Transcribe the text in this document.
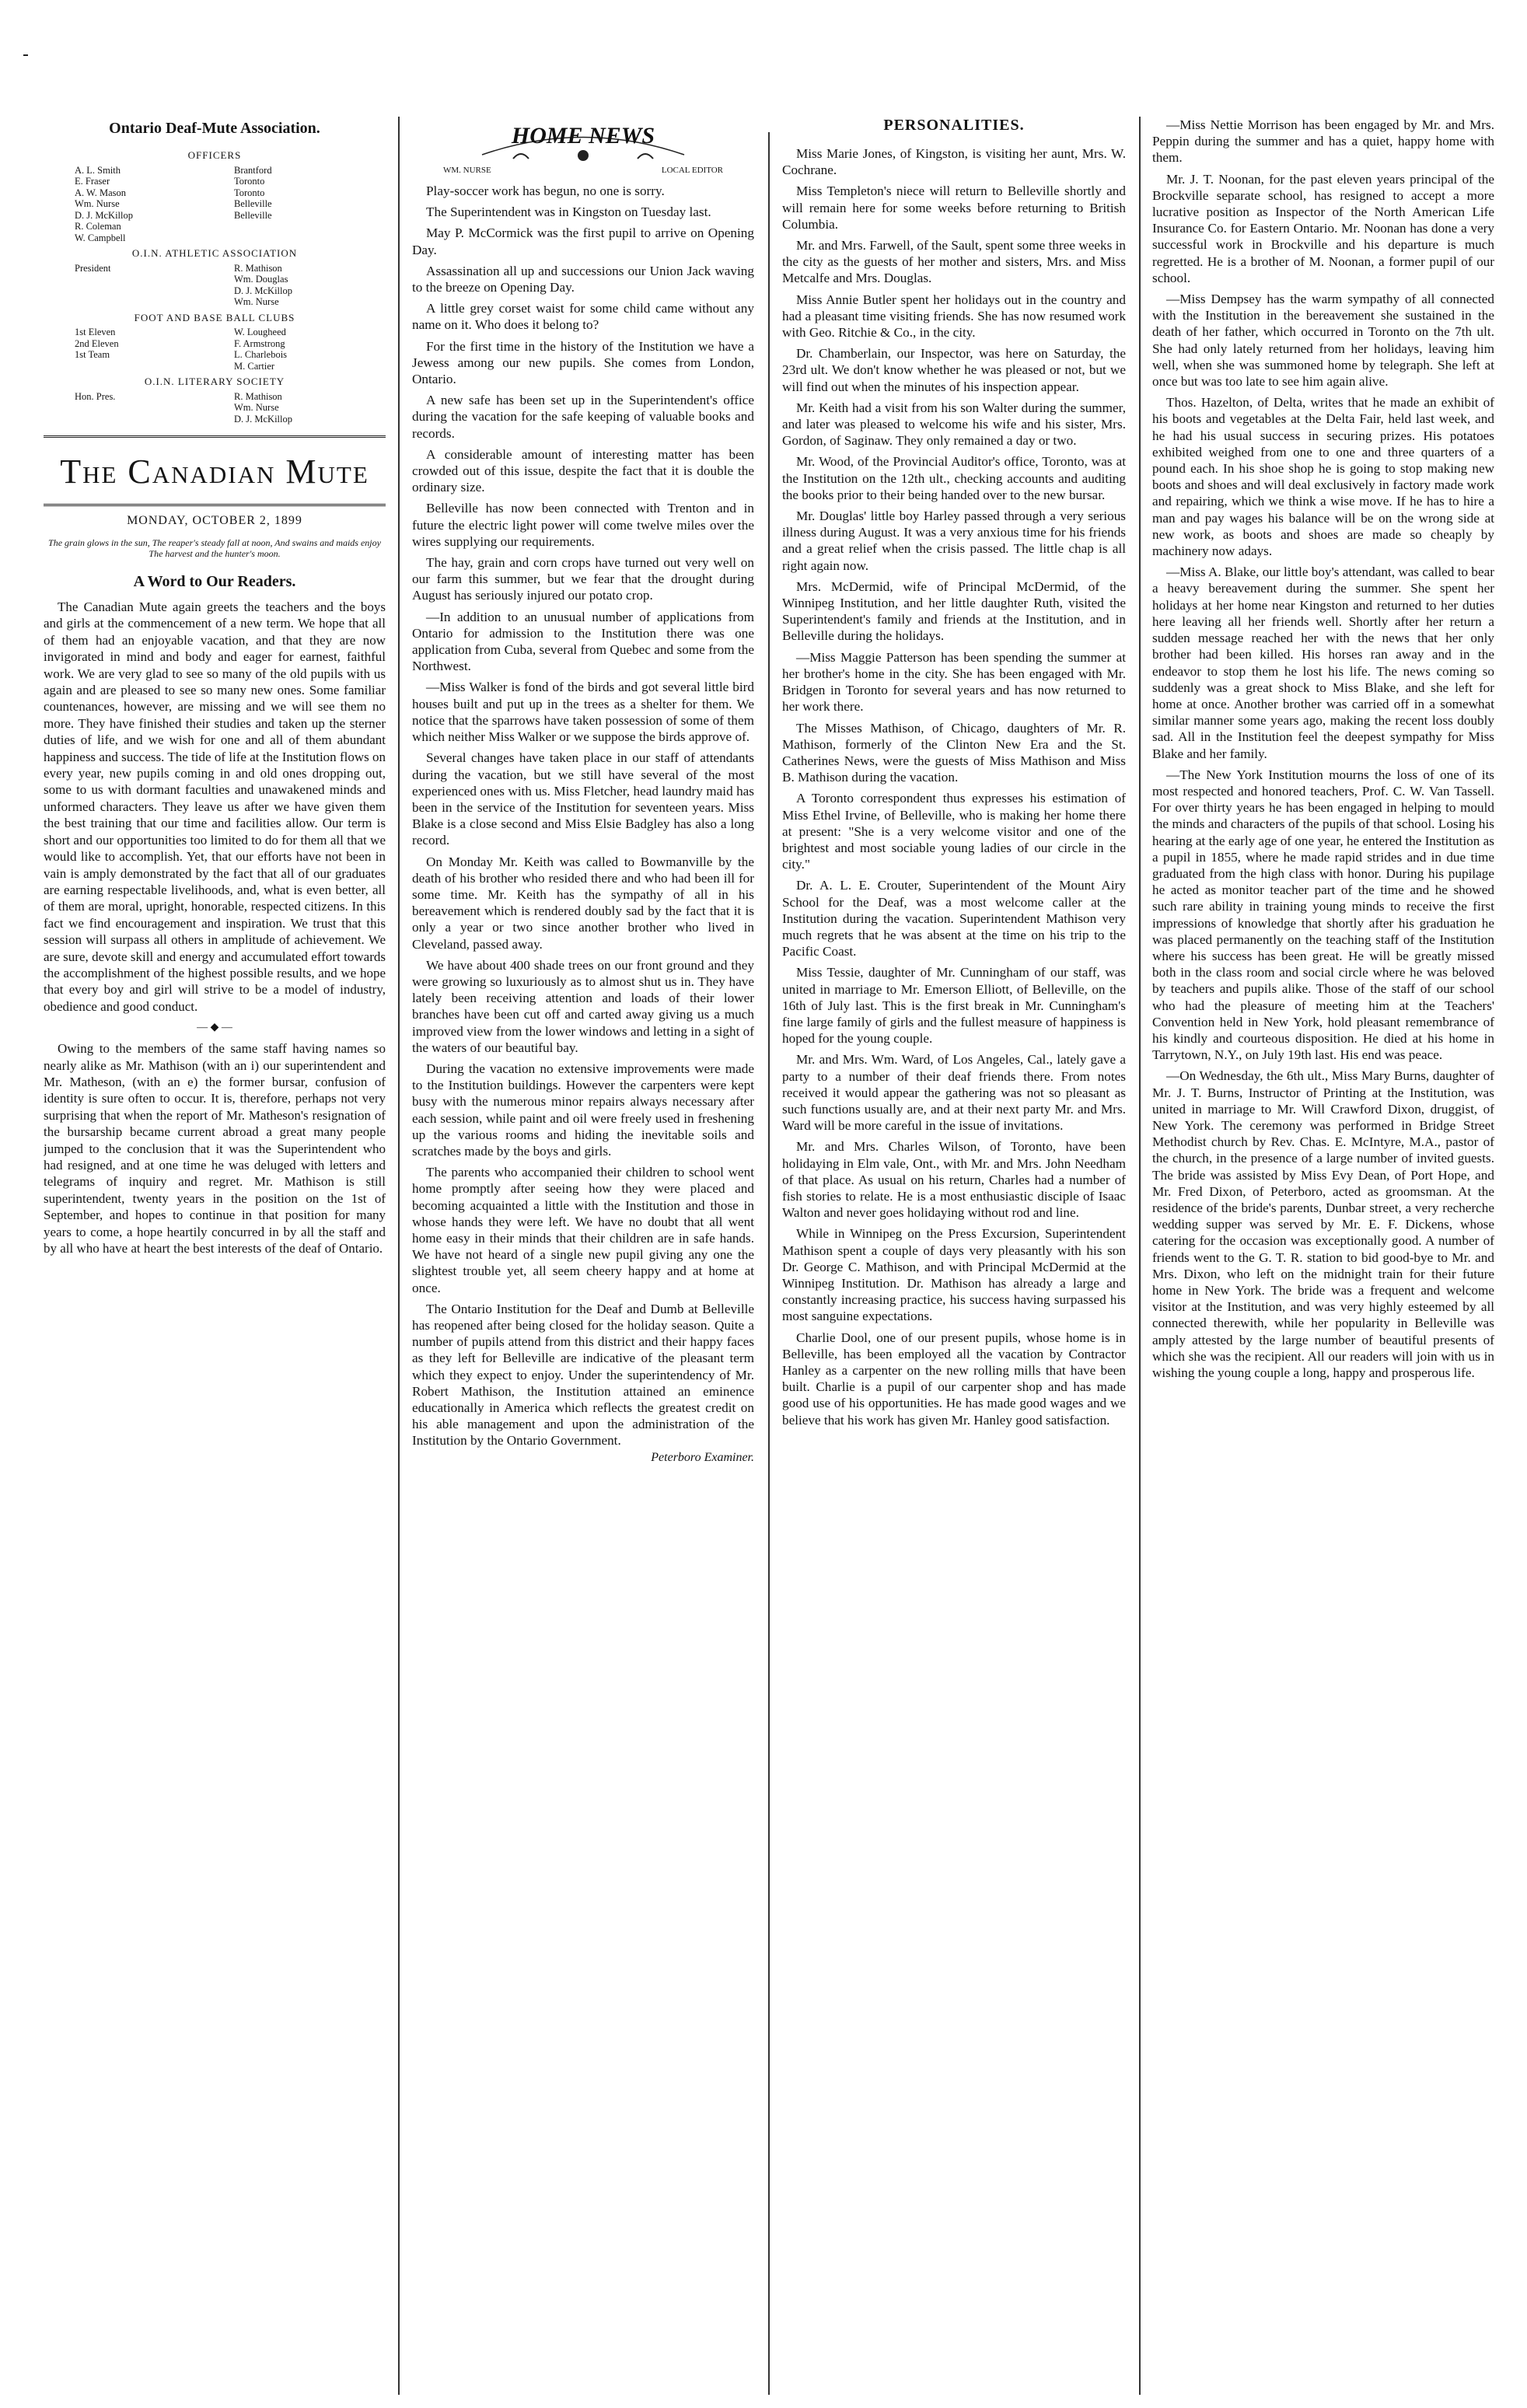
Ontario Deaf-Mute Association.
OFFICERS
A. L. Smith	Brantford
E. Fraser	Toronto
A. W. Mason	Toronto
Wm. Nurse	Belleville
D. J. McKillop	Belleville
R. Coleman
W. Campbell
O.I.N. ATHLETIC ASSOCIATION
President	R. Mathison
Wm. Douglas
D. J. McKillop
Wm. Nurse
FOOT AND BASE BALL CLUBS
1st Eleven	W. Lougheed
2nd Eleven	F. Armstrong
1st Team	L. Charlebois
M. Cartier
O.I.N. LITERARY SOCIETY
Hon. Pres.	R. Mathison
Wm. Nurse
D. J. McKillop
The Canadian Mute
MONDAY, OCTOBER 2, 1899
The grain glows in the sun, The reaper's steady fall at noon, And swains and maids enjoy The harvest and the hunter's moon.
A Word to Our Readers.

The Canadian Mute again greets the teachers and the boys and girls at the commencement of a new term. We hope that all of them had an enjoyable vacation, and that they are now invigorated in mind and body and eager for earnest, faithful work. We are very glad to see so many of the old pupils with us again and are pleased to see so many new ones. Some familiar countenances, however, are missing and we will see them no more. They have finished their studies and taken up the sterner duties of life, and we wish for one and all of them abundant happiness and success. The tide of life at the Institution flows on every year, new pupils coming in and old ones dropping out, some to us with dormant faculties and unawakened minds and unformed characters. They leave us after we have given them the best training that our time and facilities allow. Our term is short and our opportunities too limited to do for them all that we would like to accomplish. Yet, that our efforts have not been in vain is amply demonstrated by the fact that all of our graduates are earning respectable livelihoods, and, what is even better, all of them are moral, upright, honorable, respected citizens. In this fact we find encouragement and inspiration. We trust that this session will surpass all others in amplitude of achievement. We are sure, devote skill and energy and accumulated effort towards the accomplishment of the highest possible results, and we hope that every boy and girl will strive to be a model of industry, obedience and good conduct.

— ◆ —

Owing to the members of the same staff having names so nearly alike as Mr. Mathison (with an i) our superintendent and Mr. Matheson, (with an e) the former bursar, confusion of identity is sure often to occur. It is, therefore, perhaps not very surprising that when the report of Mr. Matheson's resignation of the bursarship became current abroad a great many people jumped to the conclusion that it was the Superintendent who had resigned, and at one time he was deluged with letters and telegrams of inquiry and regret. Mr. Mathison is still superintendent, twenty years in the position on the 1st of September, and hopes to continue in that position for many years to come, a hope heartily concurred in by all the staff and by all who have at heart the best interests of the deaf of Ontario.

HOME NEWS
WM. NURSE	LOCAL EDITOR

Play-soccer work has begun, no one is sorry.

The Superintendent was in Kingston on Tuesday last.

May P. McCormick was the first pupil to arrive on Opening Day.

Assassination all up and successions our Union Jack waving to the breeze on Opening Day.

A little grey corset waist for some child came without any name on it. Who does it belong to?

For the first time in the history of the Institution we have a Jewess among our new pupils. She comes from London, Ontario.

A new safe has been set up in the Superintendent's office during the vacation for the safe keeping of valuable books and records.

A considerable amount of interesting matter has been crowded out of this issue, despite the fact that it is double the ordinary size.

Belleville has now been connected with Trenton and in future the electric light power will come twelve miles over the wires supplying our requirements.

The hay, grain and corn crops have turned out very well on our farm this summer, but we fear that the drought during August has seriously injured our potato crop.

—In addition to an unusual number of applications from Ontario for admission to the Institution there was one application from Cuba, several from Quebec and some from the Northwest.

—Miss Walker is fond of the birds and got several little bird houses built and put up in the trees as a shelter for them. We notice that the sparrows have taken possession of some of them which neither Miss Walker or we suppose the birds approve of.

Several changes have taken place in our staff of attendants during the vacation, but we still have several of the most experienced ones with us. Miss Fletcher, head laundry maid has been in the service of the Institution for seventeen years. Miss Blake is a close second and Miss Elsie Badgley has also a long record.

On Monday Mr. Keith was called to Bowmanville by the death of his brother who resided there and who had been ill for some time. Mr. Keith has the sympathy of all in his bereavement which is rendered doubly sad by the fact that it is only a year or two since another brother who lived in Cleveland, passed away.

We have about 400 shade trees on our front ground and they were growing so luxuriously as to almost shut us in. They have lately been receiving attention and loads of their lower branches have been cut off and carted away giving us a much improved view from the lower windows and letting in a sight of the waters of our beautiful bay.

During the vacation no extensive improvements were made to the Institution buildings. However the carpenters were kept busy with the numerous minor repairs always necessary after each session, while paint and oil were freely used in freshening up the various rooms and hiding the inevitable soils and scratches made by the boys and girls.

The parents who accompanied their children to school went home promptly after seeing how they were placed and becoming acquainted a little with the Institution and those in whose hands they were left. We have no doubt that all went home easy in their minds that their children are in safe hands. We have not heard of a single new pupil giving any one the slightest trouble yet, all seem cheery happy and at home at once.

The Ontario Institution for the Deaf and Dumb at Belleville has reopened after being closed for the holiday season. Quite a number of pupils attend from this district and their happy faces as they left for Belleville are indicative of the pleasant term which they expect to enjoy. Under the superintendency of Mr. Robert Mathison, the Institution attained an eminence educationally in America which reflects the greatest credit on his able management and upon the administration of the Institution by the Ontario Government.

Peterboro Examiner.
PERSONALITIES.

Miss Marie Jones, of Kingston, is visiting her aunt, Mrs. W. Cochrane.

Miss Templeton's niece will return to Belleville shortly and will remain here for some weeks before returning to British Columbia.

Mr. and Mrs. Farwell, of the Sault, spent some three weeks in the city as the guests of her mother and sisters, Mrs. and Miss Metcalfe and Mrs. Douglas.

Miss Annie Butler spent her holidays out in the country and had a pleasant time visiting friends. She has now resumed work with Geo. Ritchie & Co., in the city.

Dr. Chamberlain, our Inspector, was here on Saturday, the 23rd ult. We don't know whether he was pleased or not, but we will find out when the minutes of his inspection appear.

Mr. Keith had a visit from his son Walter during the summer, and later was pleased to welcome his wife and his sister, Mrs. Gordon, of Saginaw. They only remained a day or two.

Mr. Wood, of the Provincial Auditor's office, Toronto, was at the Institution on the 12th ult., checking accounts and auditing the books prior to their being handed over to the new bursar.

Mr. Douglas' little boy Harley passed through a very serious illness during August. It was a very anxious time for his friends and a great relief when the crisis passed. The little chap is all right again now.

Mrs. McDermid, wife of Principal McDermid, of the Winnipeg Institution, and her little daughter Ruth, visited the Superintendent's family and friends at the Institution, and in Belleville during the holidays.

—Miss Maggie Patterson has been spending the summer at her brother's home in the city. She has been engaged with Mr. Bridgen in Toronto for several years and has now returned to her work there.

The Misses Mathison, of Chicago, daughters of Mr. R. Mathison, formerly of the Clinton New Era and the St. Catherines News, were the guests of Miss Mathison and Miss B. Mathison during the vacation.

A Toronto correspondent thus expresses his estimation of Miss Ethel Irvine, of Belleville, who is making her home there at present: "She is a very welcome visitor and one of the brightest and most sociable young ladies of our circle in the city."

Dr. A. L. E. Crouter, Superintendent of the Mount Airy School for the Deaf, was a most welcome caller at the Institution during the vacation. Superintendent Mathison very much regrets that he was absent at the time on his trip to the Pacific Coast.

Miss Tessie, daughter of Mr. Cunningham of our staff, was united in marriage to Mr. Emerson Elliott, of Belleville, on the 16th of July last. This is the first break in Mr. Cunningham's fine large family of girls and the fullest measure of happiness is hoped for the young couple.

Mr. and Mrs. Wm. Ward, of Los Angeles, Cal., lately gave a party to a number of their deaf friends there. From notes received it would appear the gathering was not so pleasant as such functions usually are, and at their next party Mr. and Mrs. Ward will be more careful in the issue of invitations.

Mr. and Mrs. Charles Wilson, of Toronto, have been holidaying in Elm vale, Ont., with Mr. and Mrs. John Needham of that place. As usual on his return, Charles had a number of fish stories to relate. He is a most enthusiastic disciple of Isaac Walton and never goes holidaying without rod and line.

While in Winnipeg on the Press Excursion, Superintendent Mathison spent a couple of days very pleasantly with his son Dr. George C. Mathison, and with Principal McDermid at the Winnipeg Institution. Dr. Mathison has already a large and constantly increasing practice, his success having surpassed his most sanguine expectations.

Charlie Dool, one of our present pupils, whose home is in Belleville, has been employed all the vacation by Contractor Hanley as a carpenter on the new rolling mills that have been built. Charlie is a pupil of our carpenter shop and has made good use of his opportunities. He has made good wages and we believe that his work has given Mr. Hanley good satisfaction.

—Miss Nettie Morrison has been engaged by Mr. and Mrs. Peppin during the summer and has a quiet, happy home with them.

Mr. J. T. Noonan, for the past eleven years principal of the Brockville separate school, has resigned to accept a more lucrative position as Inspector of the North American Life Insurance Co. for Eastern Ontario. Mr. Noonan has done a very successful work in Brockville and his departure is much regretted. He is a brother of M. Noonan, a former pupil of our school.

—Miss Dempsey has the warm sympathy of all connected with the Institution in the bereavement she sustained in the death of her father, which occurred in Toronto on the 7th ult. She had only lately returned from her holidays, leaving him well, when she was summoned home by telegraph. She left at once but was too late to see him again alive.

Thos. Hazelton, of Delta, writes that he made an exhibit of his boots and vegetables at the Delta Fair, held last week, and he had his usual success in securing prizes. His potatoes exhibited weighed from one to one and three quarters of a pound each. In his shoe shop he is going to stop making new boots and shoes and will deal exclusively in factory made work and repairing, which we think a wise move. If he has to hire a man and pay wages his balance will be on the wrong side at new work, as boots and shoes are made so cheaply by machinery now adays.

—Miss A. Blake, our little boy's attendant, was called to bear a heavy bereavement during the summer. She spent her holidays at her home near Kingston and returned to her duties here leaving all her friends well. Shortly after her return a sudden message reached her with the news that her only brother had been killed. His horses ran away and in the endeavor to stop them he lost his life. The news coming so suddenly was a great shock to Miss Blake, and she left for home at once. Another brother was carried off in a somewhat similar manner some years ago, making the recent loss doubly sad. All in the Institution feel the deepest sympathy for Miss Blake and her family.

—The New York Institution mourns the loss of one of its most respected and honored teachers, Prof. C. W. Van Tassell. For over thirty years he has been engaged in helping to mould the minds and characters of the pupils of that school. Losing his hearing at the early age of one year, he entered the Institution as a pupil in 1855, where he made rapid strides and in due time graduated from the high class with honor. During his pupilage he acted as monitor teacher part of the time and he showed such rare ability in training young minds to receive the first impressions of knowledge that shortly after his graduation he was placed permanently on the teaching staff of the Institution where his success has been great. He will be greatly missed both in the class room and social circle where he was beloved by teachers and pupils alike. Those of the staff of our school who had the pleasure of meeting him at the Teachers' Convention held in New York, hold pleasant remembrance of his kindly and courteous disposition. He died at his home in Tarrytown, N.Y., on July 19th last. His end was peace.

—On Wednesday, the 6th ult., Miss Mary Burns, daughter of Mr. J. T. Burns, Instructor of Printing at the Institution, was united in marriage to Mr. Will Crawford Dixon, druggist, of New York. The ceremony was performed in Bridge Street Methodist church by Rev. Chas. E. McIntyre, M.A., pastor of the church, in the presence of a large number of invited guests. The bride was assisted by Miss Evy Dean, of Port Hope, and Mr. Fred Dixon, of Peterboro, acted as groomsman. At the residence of the bride's parents, Dunbar street, a very recherche wedding supper was served by Mr. E. F. Dickens, whose catering for the occasion was exceptionally good. A number of friends went to the G. T. R. station to bid good-bye to Mr. and Mrs. Dixon, who left on the midnight train for their future home in New York. The bride was a frequent and welcome visitor at the Institution, and was very highly esteemed by all connected therewith, while her popularity in Belleville was amply attested by the large number of beautiful presents of which she was the recipient. All our readers will join with us in wishing the young couple a long, happy and prosperous life.
